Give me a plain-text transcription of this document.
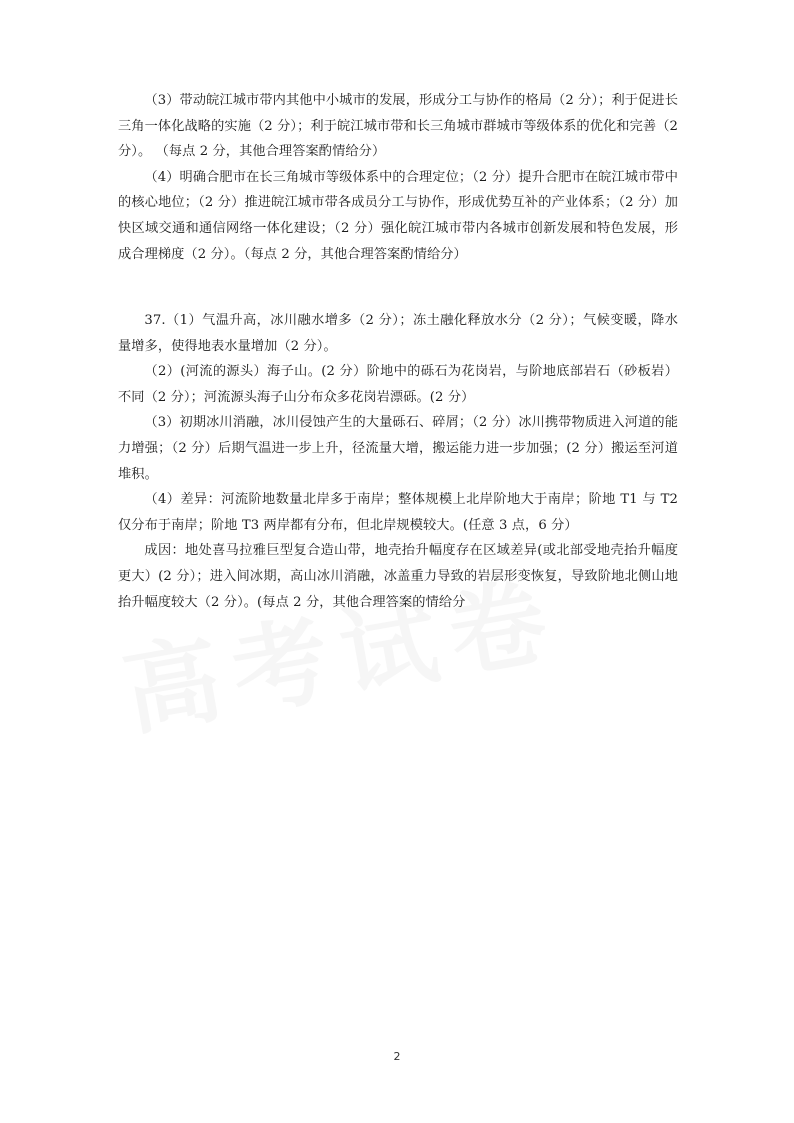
（3）带动皖江城市带内其他中小城市的发展，形成分工与协作的格局（2 分）；利于促进长三角一体化战略的实施（2 分）；利于皖江城市带和长三角城市群城市等级体系的优化和完善（2 分）。 （每点 2 分，其他合理答案酌情给分）

（4）明确合肥市在长三角城市等级体系中的合理定位；（2 分）提升合肥市在皖江城市带中的核心地位；（2 分）推进皖江城市带各成员分工与协作，形成优势互补的产业体系；（2 分）加快区域交通和通信网络一体化建设；（2 分）强化皖江城市带内各城市创新发展和特色发展，形成合理梯度（2 分）。（每点 2 分，其他合理答案酌情给分）

37.（1）气温升高，冰川融水增多（2 分）；冻土融化释放水分（2 分）；气候变暖，降水量增多，使得地表水量增加（2 分）。

（2）(河流的源头）海子山。(2 分）阶地中的砾石为花岗岩，与阶地底部岩石（砂板岩）不同（2 分）；河流源头海子山分布众多花岗岩漂砾。(2 分）

（3）初期冰川消融，冰川侵蚀产生的大量砾石、碎屑；（2 分）冰川携带物质进入河道的能力增强；（2 分）后期气温进一步上升，径流量大增，搬运能力进一步加强；(2 分）搬运至河道堆积。

（4）差异：河流阶地数量北岸多于南岸；整体规模上北岸阶地大于南岸；阶地 T1 与 T2 仅分布于南岸；阶地 T3 两岸都有分布，但北岸规模较大。(任意 3 点，6 分）

成因：地处喜马拉雅巨型复合造山带，地壳抬升幅度存在区域差异(或北部受地壳抬升幅度更大）(2 分）；进入间冰期，高山冰川消融，冰盖重力导致的岩层形变恢复，导致阶地北侧山地抬升幅度较大（2 分）。(每点 2 分，其他合理答案的情给分

2
